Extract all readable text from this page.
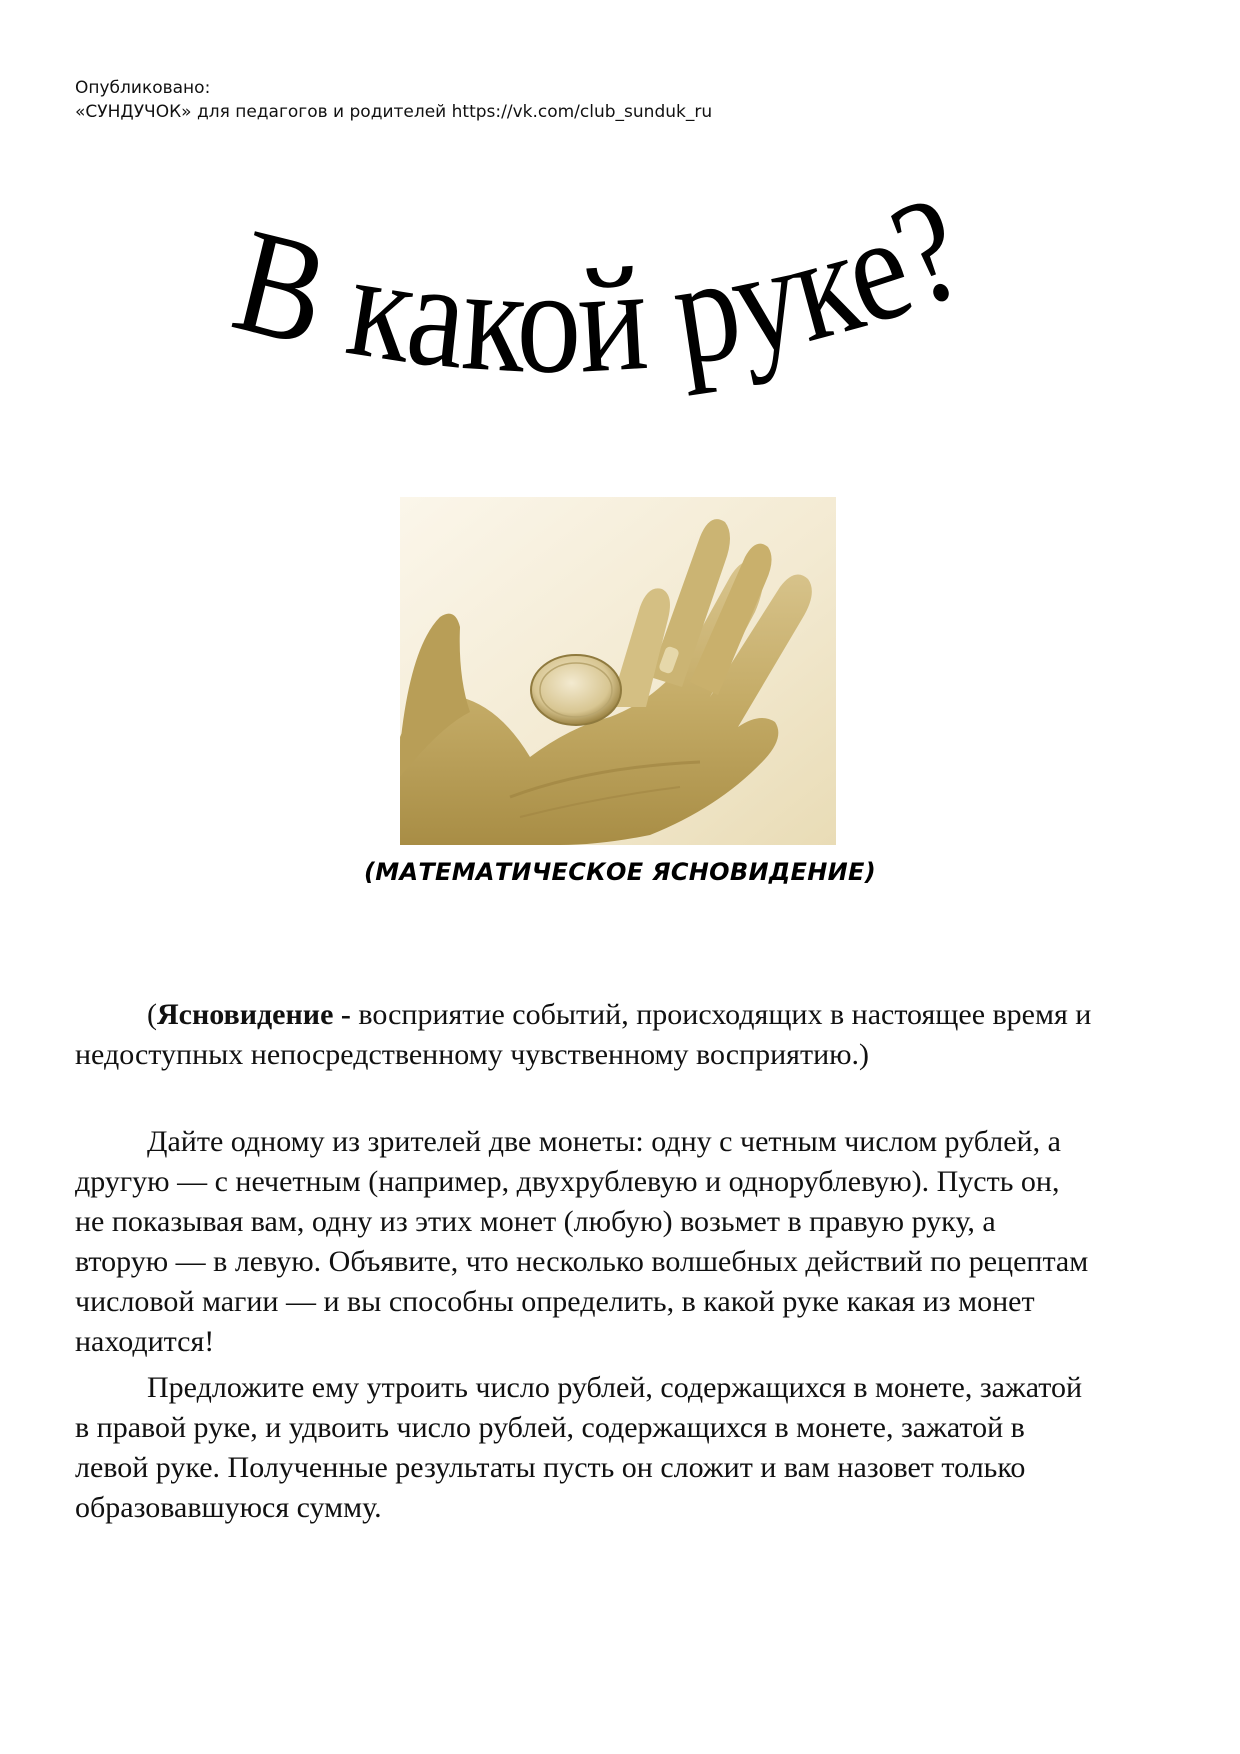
Опубликовано:
«СУНДУЧОК» для педагогов и родителей https://vk.com/club_sunduk_ru
В какой руке?
(МАТЕМАТИЧЕСКОЕ ЯСНОВИДЕНИЕ)

(Ясновидение - восприятие событий, происходящих в настоящее время и недоступных непосредственному чувственному восприятию.)

Дайте одному из зрителей две монеты: одну с четным числом рублей, а другую — с нечетным (например, двухрублевую и однорублевую). Пусть он, не показывая вам, одну из этих монет (любую) возьмет в правую руку, а вторую — в левую. Объявите, что несколько волшебных действий по рецептам числовой магии — и вы способны определить, в какой руке какая из монет находится!

Предложите ему утроить число рублей, содержащихся в монете, зажатой в правой руке, и удвоить число рублей, содержащихся в монете, зажатой в левой руке. Полученные результаты пусть он сложит и вам назовет только образовавшуюся сумму.
